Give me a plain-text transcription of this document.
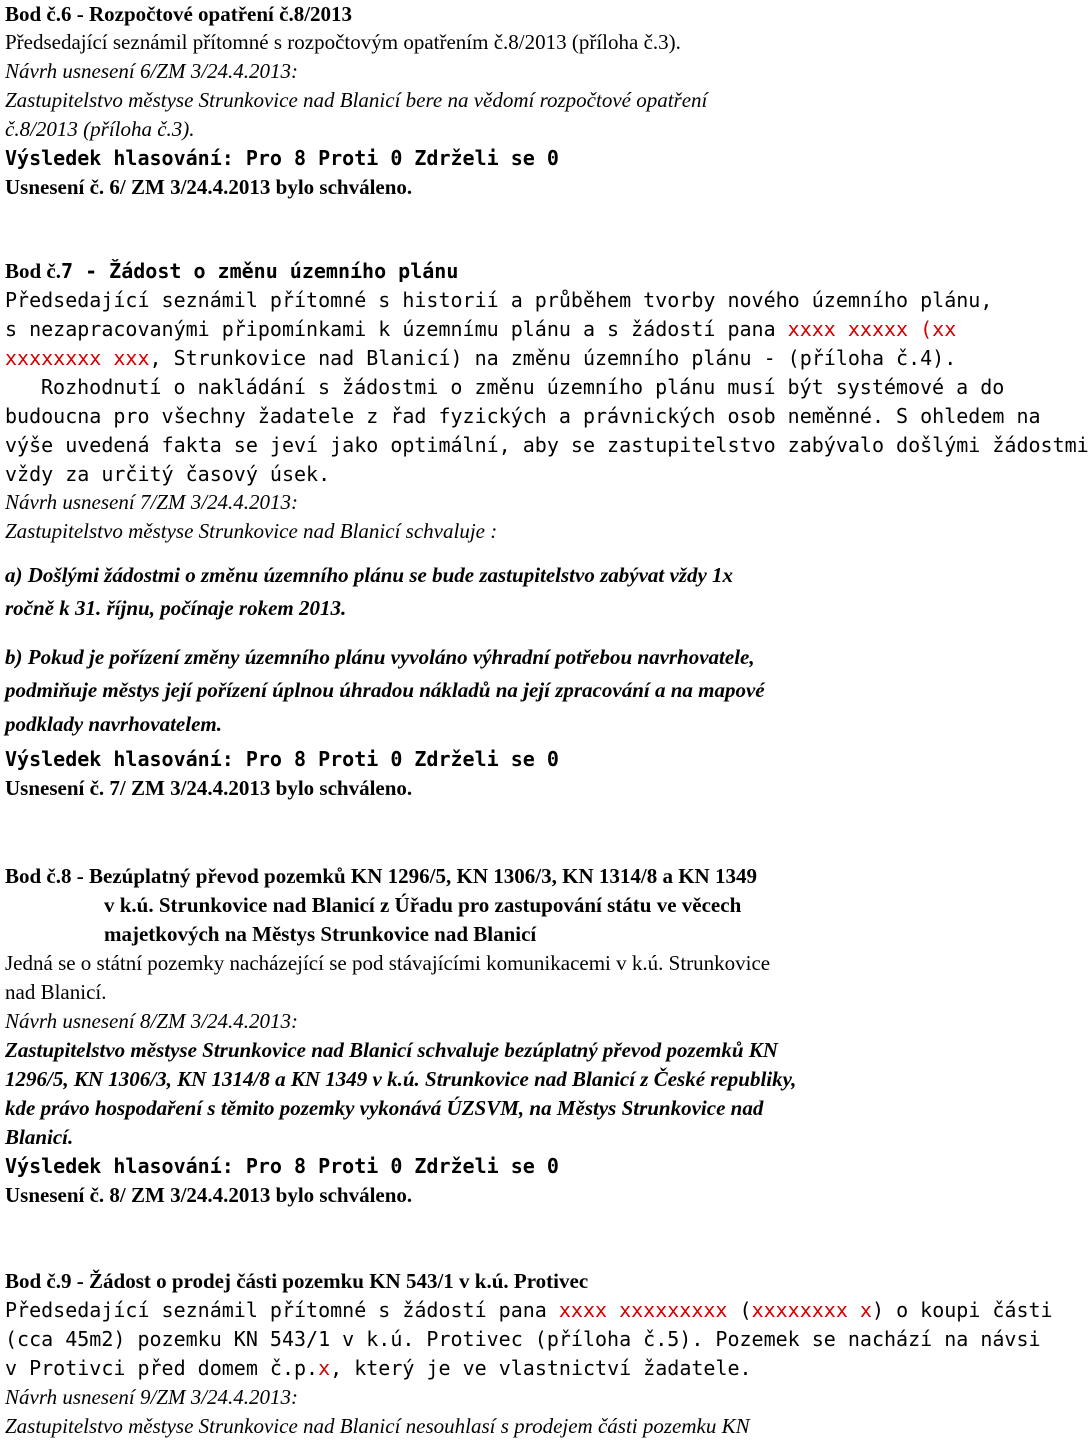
Bod č.6 - Rozpočtové opatření č.8/2013
Předsedající seznámil přítomné s rozpočtovým opatřením č.8/2013 (příloha č.3).
Návrh usnesení 6/ZM 3/24.4.2013:
Zastupitelstvo městyse Strunkovice nad Blanicí bere na vědomí rozpočtové opatření
č.8/2013 (příloha č.3).
Výsledek hlasování: Pro 8 Proti 0 Zdrželi se 0
Usnesení č. 6/ ZM 3/24.4.2013 bylo schváleno.
Bod č.7 - Žádost o změnu územního plánu
Předsedající seznámil přítomné s historií a průběhem tvorby nového územního plánu,
s nezapracovanými připomínkami k územnímu plánu a s žádostí pana xxxx xxxxx (xx
xxxxxxxx xxx, Strunkovice nad Blanicí) na změnu územního plánu - (příloha č.4).
Rozhodnutí o nakládání s žádostmi o změnu územního plánu musí být systémové a do
budoucna pro všechny žadatele z řad fyzických a právnických osob neměnné. S ohledem na
výše uvedená fakta se jeví jako optimální, aby se zastupitelstvo zabývalo došlými žádostmi
vždy za určitý časový úsek.
Návrh usnesení 7/ZM 3/24.4.2013:
Zastupitelstvo městyse Strunkovice nad Blanicí schvaluje :
a) Došlými žádostmi o změnu územního plánu se bude zastupitelstvo zabývat vždy 1x
ročně k 31. říjnu, počínaje rokem 2013.
b) Pokud je pořízení změny územního plánu vyvoláno výhradní potřebou navrhovatele,
podmiňuje městys její pořízení úplnou úhradou nákladů na její zpracování a na mapové
podklady navrhovatelem.
Výsledek hlasování: Pro 8 Proti 0 Zdrželi se 0
Usnesení č. 7/ ZM 3/24.4.2013 bylo schváleno.
Bod č.8 - Bezúplatný převod pozemků KN 1296/5, KN 1306/3, KN 1314/8 a KN 1349
v k.ú. Strunkovice nad Blanicí z Úřadu pro zastupování státu ve věcech
majetkových na Městys Strunkovice nad Blanicí
Jedná se o státní pozemky nacházející se pod stávajícími komunikacemi v k.ú. Strunkovice
nad Blanicí.
Návrh usnesení 8/ZM 3/24.4.2013:
Zastupitelstvo městyse Strunkovice nad Blanicí schvaluje bezúplatný převod pozemků KN
1296/5, KN 1306/3, KN 1314/8 a KN 1349 v k.ú. Strunkovice nad Blanicí z České republiky,
kde právo hospodaření s těmito pozemky vykonává ÚZSVM, na Městys Strunkovice nad
Blanicí.
Výsledek hlasování: Pro 8 Proti 0 Zdrželi se 0
Usnesení č. 8/ ZM 3/24.4.2013 bylo schváleno.
Bod č.9 - Žádost o prodej části pozemku KN 543/1 v k.ú. Protivec
Předsedající seznámil přítomné s žádostí pana xxxx xxxxxxxxx (xxxxxxxx x) o koupi části
(cca 45m2) pozemku KN 543/1 v k.ú. Protivec (příloha č.5). Pozemek se nachází na návsi
v Protivci před domem č.p.x, který je ve vlastnictví žadatele.
Návrh usnesení 9/ZM 3/24.4.2013:
Zastupitelstvo městyse Strunkovice nad Blanicí nesouhlasí s prodejem části pozemku KN
